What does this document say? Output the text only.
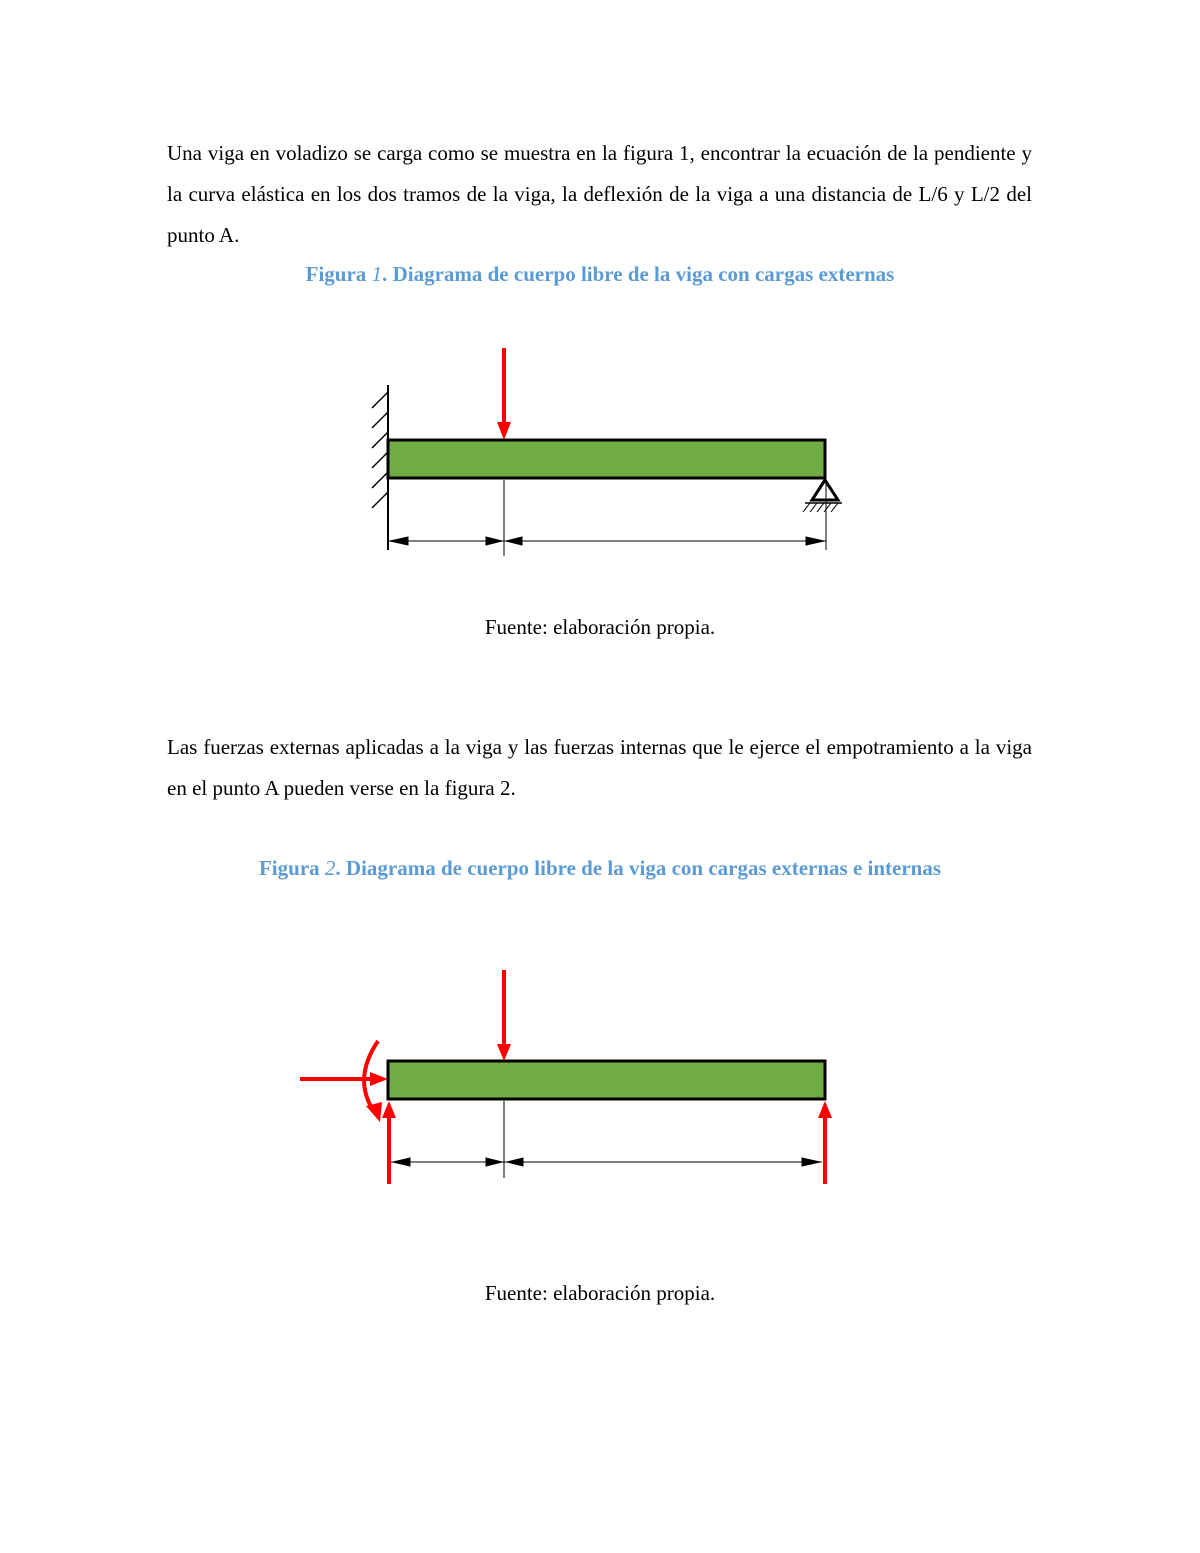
Una viga en voladizo se carga como se muestra en la figura 1, encontrar la ecuación de la pendiente y la curva elástica en los dos tramos de la viga, la deflexión de la viga a una distancia de L/6 y L/2 del punto A.

Figura 1. Diagrama de cuerpo libre de la viga con cargas externas

Fuente: elaboración propia.

Las fuerzas externas aplicadas a la viga y las fuerzas internas que le ejerce el empotramiento a la viga en el punto A pueden verse en la figura 2.

Figura 2. Diagrama de cuerpo libre de la viga con cargas externas e internas

Fuente: elaboración propia.
